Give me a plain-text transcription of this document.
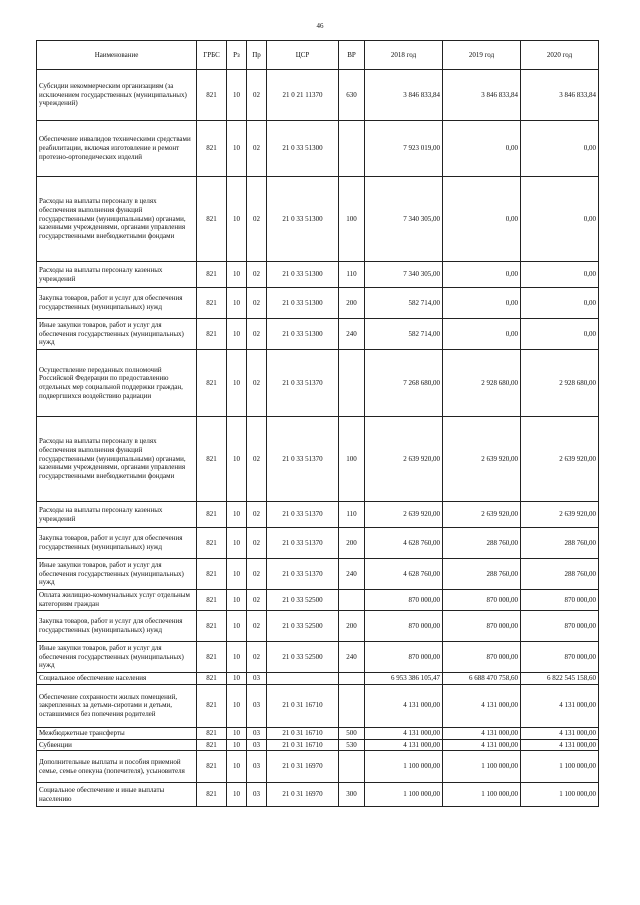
46
Наименование	ГРБС	Рз	Пр	ЦСР	ВР	2018 год	2019 год	2020 год
Субсидии некоммерческим организациям (за исключением государственных (муниципальных) учреждений)	821	10	02	21 0 21 11370	630	3 846 833,84	3 846 833,84	3 846 833,84
Обеспечение инвалидов техническими средствами реабилитации, включая изготовление и ремонт протезно-ортопедических изделий	821	10	02	21 0 33 51300		7 923 019,00	0,00	0,00
Расходы на выплаты персоналу в целях обеспечения выполнения функций государственными (муниципальными) органами, казенными учреждениями, органами управления государственными внебюджетными фондами	821	10	02	21 0 33 51300	100	7 340 305,00	0,00	0,00
Расходы на выплаты персоналу казенных учреждений	821	10	02	21 0 33 51300	110	7 340 305,00	0,00	0,00
Закупка товаров, работ и услуг для обеспечения государственных (муниципальных) нужд	821	10	02	21 0 33 51300	200	582 714,00	0,00	0,00
Иные закупки товаров, работ и услуг для обеспечения государственных (муниципальных) нужд	821	10	02	21 0 33 51300	240	582 714,00	0,00	0,00
Осуществление переданных полномочий Российской Федерации по предоставлению отдельных мер социальной поддержки граждан, подвергшихся воздействию радиации	821	10	02	21 0 33 51370		7 268 680,00	2 928 680,00	2 928 680,00
Расходы на выплаты персоналу в целях обеспечения выполнения функций государственными (муниципальными) органами, казенными учреждениями, органами управления государственными внебюджетными фондами	821	10	02	21 0 33 51370	100	2 639 920,00	2 639 920,00	2 639 920,00
Расходы на выплаты персоналу казенных учреждений	821	10	02	21 0 33 51370	110	2 639 920,00	2 639 920,00	2 639 920,00
Закупка товаров, работ и услуг для обеспечения государственных (муниципальных) нужд	821	10	02	21 0 33 51370	200	4 628 760,00	288 760,00	288 760,00
Иные закупки товаров, работ и услуг для обеспечения государственных (муниципальных) нужд	821	10	02	21 0 33 51370	240	4 628 760,00	288 760,00	288 760,00
Оплата жилищно-коммунальных услуг отдельным категориям граждан	821	10	02	21 0 33 52500		870 000,00	870 000,00	870 000,00
Закупка товаров, работ и услуг для обеспечения государственных (муниципальных) нужд	821	10	02	21 0 33 52500	200	870 000,00	870 000,00	870 000,00
Иные закупки товаров, работ и услуг для обеспечения государственных (муниципальных) нужд	821	10	02	21 0 33 52500	240	870 000,00	870 000,00	870 000,00
Социальное обеспечение населения	821	10	03			6 953 386 105,47	6 688 470 758,60	6 822 545 158,60
Обеспечение сохранности жилых помещений, закрепленных за детьми-сиротами и детьми, оставшимися без попечения родителей	821	10	03	21 0 31 16710		4 131 000,00	4 131 000,00	4 131 000,00
Межбюджетные трансферты	821	10	03	21 0 31 16710	500	4 131 000,00	4 131 000,00	4 131 000,00
Субвенции	821	10	03	21 0 31 16710	530	4 131 000,00	4 131 000,00	4 131 000,00
Дополнительные выплаты и пособия приемной семье, семье опекуна (попечителя), усыновителя	821	10	03	21 0 31 16970		1 100 000,00	1 100 000,00	1 100 000,00
Социальное обеспечение и иные выплаты населению	821	10	03	21 0 31 16970	300	1 100 000,00	1 100 000,00	1 100 000,00
